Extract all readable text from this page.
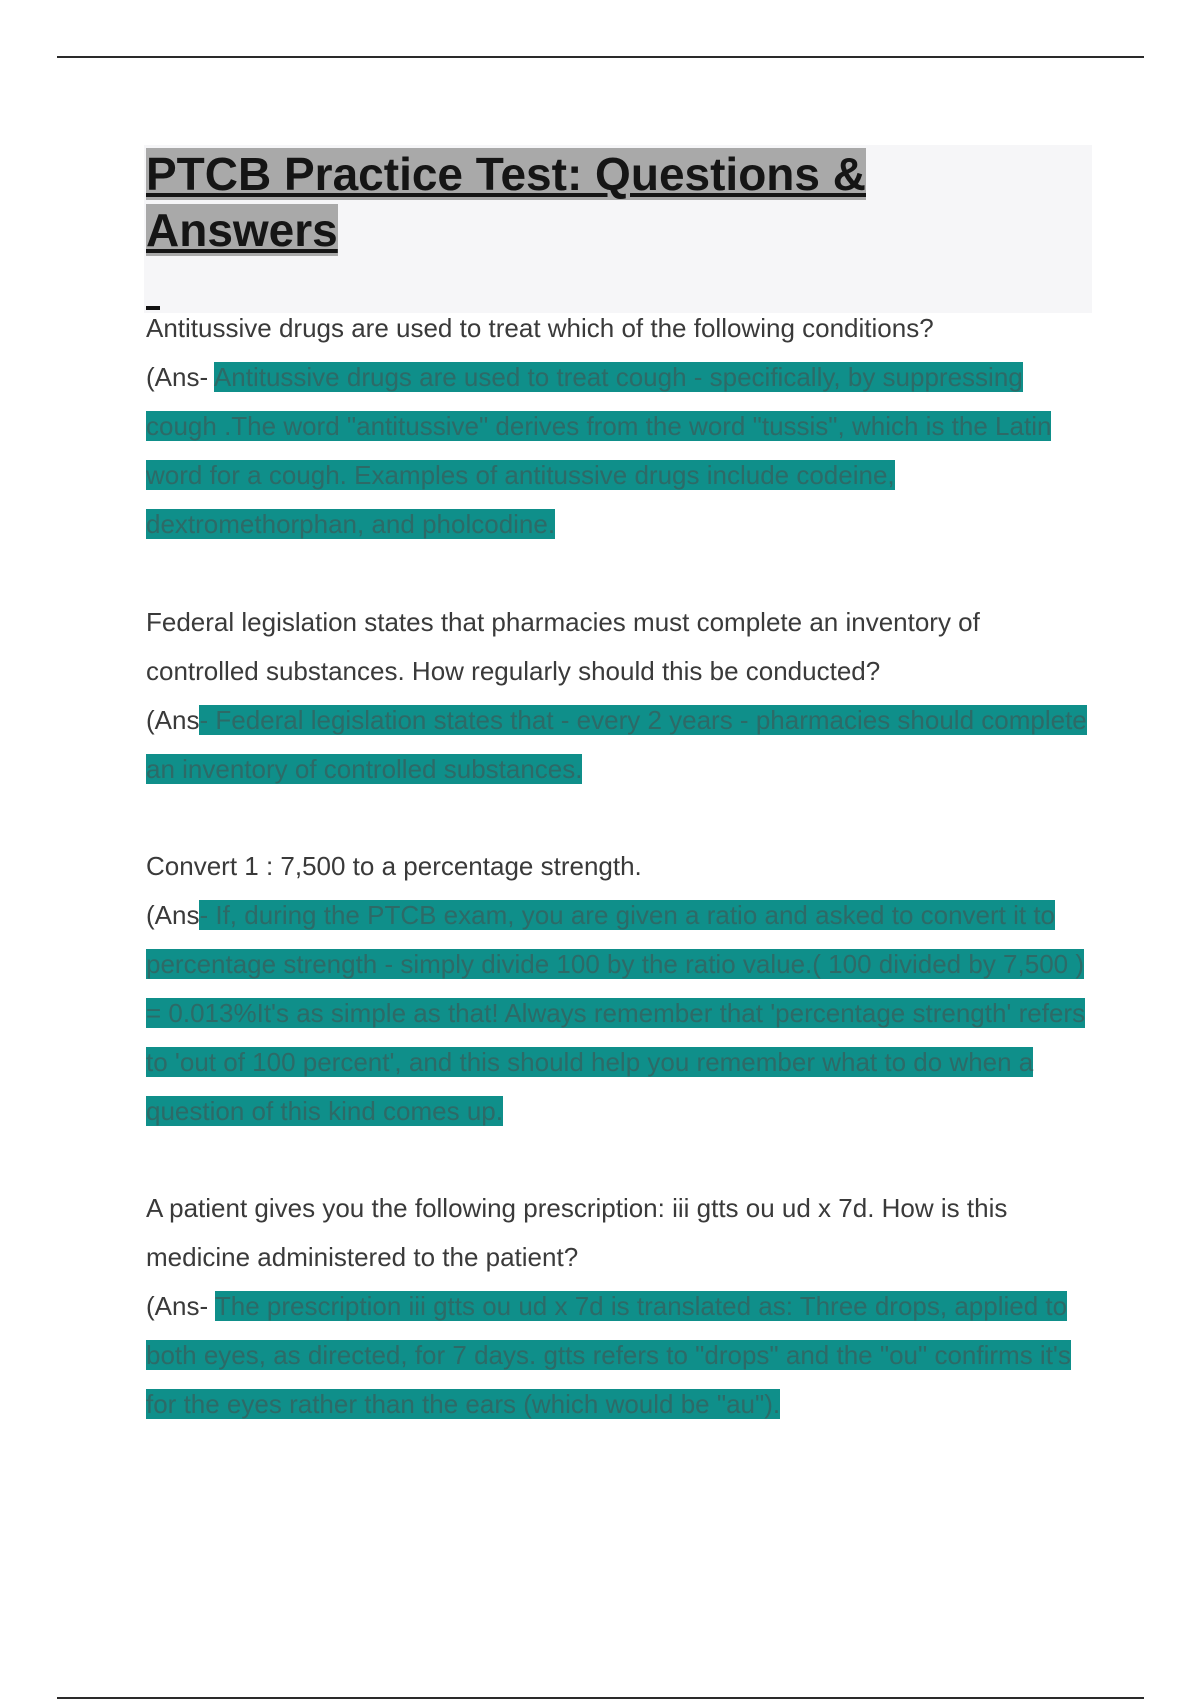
PTCB Practice Test: Questions & Answers

Antitussive drugs are used to treat which of the following conditions?

(Ans- Antitussive drugs are used to treat cough - specifically, by suppressing cough .The word "antitussive" derives from the word "tussis", which is the Latin word for a cough. Examples of antitussive drugs include codeine, dextromethorphan, and pholcodine.

Federal legislation states that pharmacies must complete an inventory of controlled substances. How regularly should this be conducted?

(Ans- Federal legislation states that - every 2 years - pharmacies should complete an inventory of controlled substances.

Convert 1 : 7,500 to a percentage strength.

(Ans- If, during the PTCB exam, you are given a ratio and asked to convert it to percentage strength - simply divide 100 by the ratio value.( 100 divided by 7,500 ) = 0.013%It's as simple as that! Always remember that 'percentage strength' refers to 'out of 100 percent', and this should help you remember what to do when a question of this kind comes up.

A patient gives you the following prescription: iii gtts ou ud x 7d. How is this medicine administered to the patient?

(Ans- The prescription iii gtts ou ud x 7d is translated as: Three drops, applied to both eyes, as directed, for 7 days. gtts refers to "drops" and the "ou" confirms it's for the eyes rather than the ears (which would be "au").
